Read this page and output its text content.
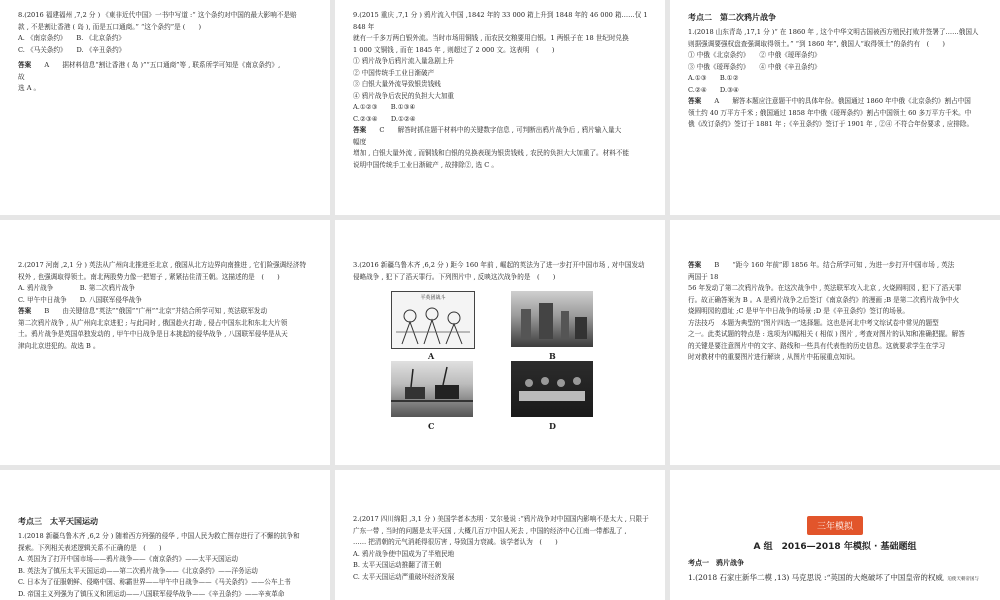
8.(2016 福建福州 ,7,2 分 ) 《東非近代中国》一书中写道 :“ 这个条约对中国的最大影响不是赔

款 , 不是割让香港 ( 岛 ), 而是五口通商。” “这个条约”是 (　　)

A. 《南京条约》　　B. 《北京条约》

C. 《马关条约》　　D. 《辛丑条约》

答案　　 A　　据材料信息“割让香港 ( 岛 )”“五口通商”等 , 联系所学可知是《南京条约》,

故

选 A 。

9.(2015 重庆 ,7,1 分 ) 鸦片流入中国 ,1842 年的 33 000 箱上升到 1848 年的 46 000 箱……仅 1

848 年

就有一千多万两白银外流。当时市场用铜钱 , 而农民交粮要用白银。1 两银子在 18 世纪时兑换

1 000 文铜钱 , 而在 1845 年 , 则超过了 2 000 文。这表明　(　　)

① 鸦片战争后鸦片流入量急剧上升

② 中国传统手工业日渐破产

③ 白银大量外流导致银贵钱贱

④ 鸦片战争后农民的负担大大加重

A.①②③　　B.①③④

C.②③④　　D.①②④

答案　　 C　　解答时抓住题干材料中的关键数字信息 , 可判断出鸦片战争后 , 鸦片输入量大

幅度

增加 , 白银大量外流 , 而铜钱和白银的兑换表现为银贵钱贱 , 农民的负担大大加重了。材料不能

说明中国传统手工业日渐破产 , 故排除②, 选 C 。

考点二　第二次鸦片战争

1.(2018 山东青岛 ,17,1 分 )“ 在 1860 年 , 这个中华文明古国被西方殖民打败并签署了……俄国人

则据强调要强权盘查强调取得领土。” “到 1860 年”, 俄国人“取得领土”的条约有　(　　)

① 中俄《北京条约》　　② 中俄《瑷珲条约》

③ 中俄《瑷珲条约》　　④ 中俄《辛丑条约》

A.①③　　B.①②

C.②④　　D.③④

答案　　 A　　解答本题应注意题干中的具体年份。俄国通过 1860 年中俄《北京条约》割占中国

领土约 40 万平方千米 ; 俄国通过 1858 年中俄《瑷珲条约》割占中国领土 60 多万平方千米。中

俄《改订条约》签订于 1881 年 ;《辛丑条约》签订于 1901 年 , ②④ 不符合年份要求 , 应排除。

2.(2017 河南 ,2,1 分 ) 英法从广州向北推进至北京 , 俄国从北方边界向南推进 , 它们险强调经济特

权外 , 也强调取得领土。南北两股势力像一把钳子 , 紧紧拈住清王朝。这描述的是　(　　)

A. 鸦片战争　　　　B. 第二次鸦片战争

C. 甲午中日战争　　D. 八国联军侵华战争

答案　　 B　　由关键信息“英法”“俄国”“广州”“北京”并结合所学可知 , 英法联军发动

第二次鸦片战争 , 从广州向北京进犯 ; 与此同时 , 俄国趁火打劫 , 侵占中国东北和东北大片领

土。鸦片战争是英国单独发动的 , 甲午中日战争是日本挑起的侵华战争 , 八国联军侵华是从天

津向北京进犯的。故选 B 。

3.(2016 新疆乌鲁木齐 ,6,2 分 ) 距今 160 年前 , 崛起的英法为了进一步打开中国市场 , 对中国发动

侵略战争 , 犯下了滔天罪行。下列图片中 , 反映这次战争的是　(　　)

平英团战斗
A	B
C	D

答案　　 B　　“距今 160 年前”即 1856 年。结合所学可知 , 为进一步打开中国市场 , 英法

两国于 18

56 年发动了第二次鸦片战争。在这次战争中 , 英法联军攻入北京 , 火烧圆明园 , 犯下了滔天罪

行。故正确答案为 B 。A 是鸦片战争之后签订《南京条约》的漫画 ;B 是第二次鸦片战争中火

烧圆明园的遗址 ;C 是甲午中日战争的场景 ;D 是《辛丑条约》签订的场景。

方法技巧　本题为典型的“图片四选一”选择题。这也是河北中考文综试卷中常见的题型

之一。此类试题的特点是 : 选项为四幅相关 ( 相似 ) 图片 , 考查对图片的认知和准确把握。解答

的关键是要注意图片中的文字、路线和一些具有代表性的历史信息。这就要求学生在学习

时对教材中的重要图片进行解读 , 从图片中拓展重点知识。

考点三　太平天国运动

1.(2018 新疆乌鲁木齐 ,6,2 分 ) 随着西方列强的侵华 , 中国人民为救亡图存进行了不懈的抗争和

探索。下列相关表述逻辑关系不正确的是　(　　)

A. 英国为了打开中国市场——鸦片战争——《南京条约》——太平天国运动

B. 英法为了镇压太平天国运动——第二次鸦片战争——《北京条约》——洋务运动

C. 日本为了征服朝鲜、侵略中国、称霸世界——甲午中日战争——《马关条约》——公车上书

D. 帝国主义列强为了镇压义和团运动——八国联军侵华战争——《辛丑条约》——辛亥革命

2.(2017 四川绵阳 ,3,1 分 ) 美国学者本杰明 · 艾尔曼说 :“鸦片战争对中国国内影响不是太大 , 只限于

广东一带 , 当时的问题是太平天国 , 大概几百万中国人死去 , 中国的经济中心江南一带都乱了 ,

…… 把清朝的元气消耗得很厉害 , 导致国力衰减。该学者认为　(　　)

A. 鸦片战争使中国成为了半殖民地

B. 太平天国运动推翻了清王朝

C. 太平天国运动严重破坏经济发展

三年模拟

A 组　2016—2018 年模拟 · 基础题组

考点一　鸦片战争

1.(2018 石家庄新华二模 ,13) 马克思说 :“英国的大炮破坏了中国皇帝的权威，迫使天朝帝国与
